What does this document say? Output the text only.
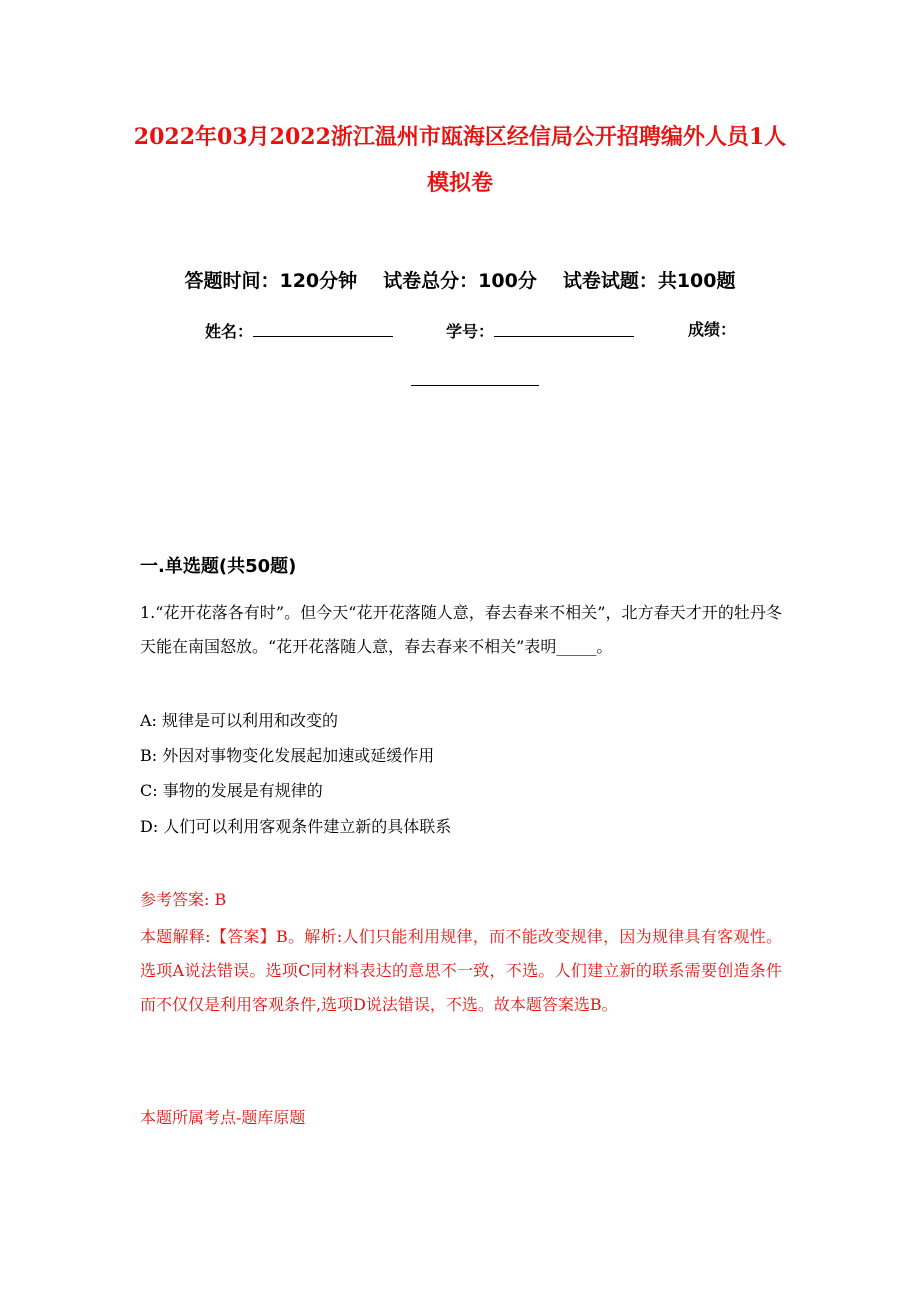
2022年03月2022浙江温州市瓯海区经信局公开招聘编外人员1人
模拟卷
答题时间：120分钟 试卷总分：100分 试卷试题：共100题
姓名：	学号：	成绩：
一.单选题(共50题)
1.“花开花落各有时”。但今天“花开花落随人意，春去春来不相关”，北方春天才开的牡丹冬天能在南国怒放。“花开花落随人意，春去春来不相关”表明_____。
A: 规律是可以利用和改变的
B: 外因对事物变化发展起加速或延缓作用
C: 事物的发展是有规律的
D: 人们可以利用客观条件建立新的具体联系
参考答案: B
本题解释:【答案】B。解析:人们只能利用规律，而不能改变规律，因为规律具有客观性。选项A说法错误。选项C同材料表达的意思不一致，不选。人们建立新的联系需要创造条件而不仅仅是利用客观条件,选项D说法错误，不选。故本题答案选B。
本题所属考点-题库原题
